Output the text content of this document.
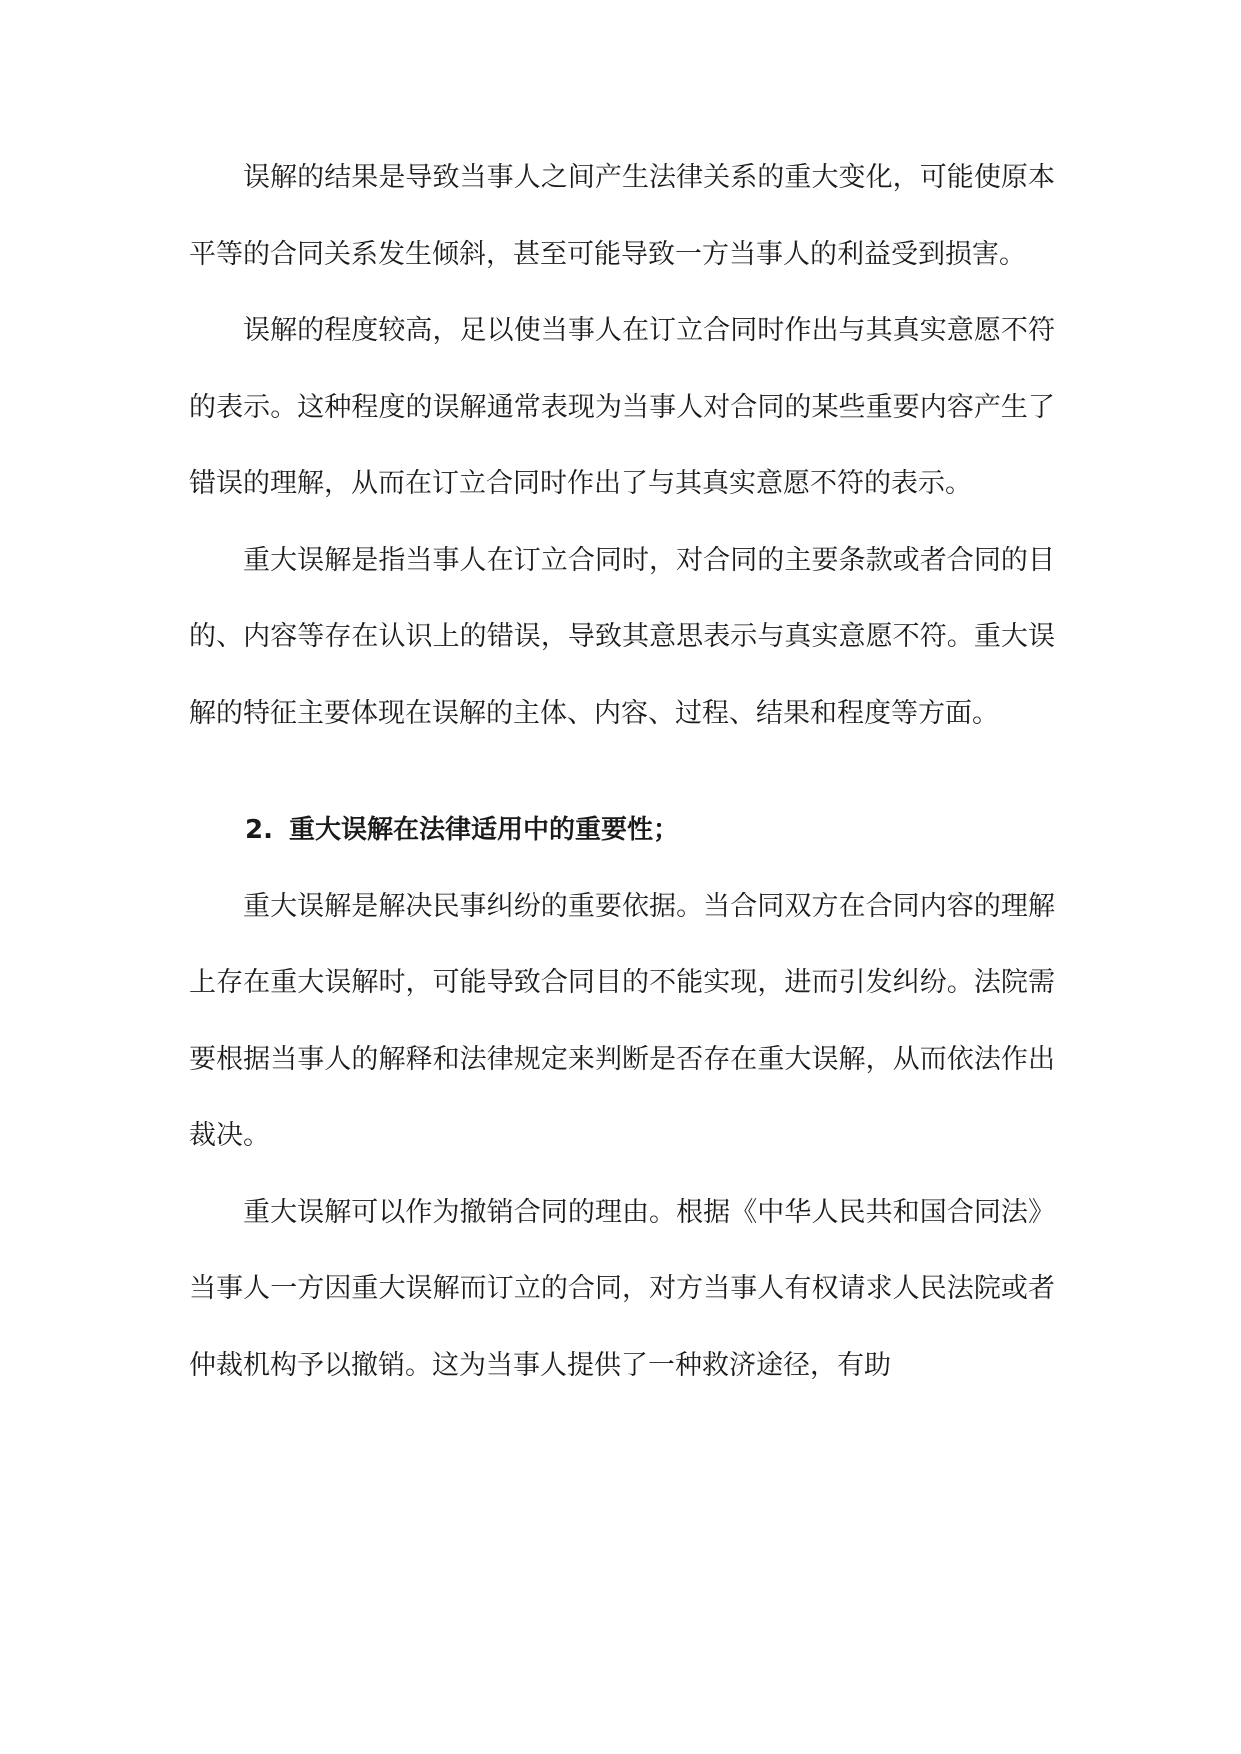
误解的结果是导致当事人之间产生法律关系的重大变化，可能使原本平等的合同关系发生倾斜，甚至可能导致一方当事人的利益受到损害。

误解的程度较高，足以使当事人在订立合同时作出与其真实意愿不符的表示。这种程度的误解通常表现为当事人对合同的某些重要内容产生了错误的理解，从而在订立合同时作出了与其真实意愿不符的表示。

重大误解是指当事人在订立合同时，对合同的主要条款或者合同的目的、内容等存在认识上的错误，导致其意思表示与真实意愿不符。重大误解的特征主要体现在误解的主体、内容、过程、结果和程度等方面。

2. 重大误解在法律适用中的重要性；

重大误解是解决民事纠纷的重要依据。当合同双方在合同内容的理解上存在重大误解时，可能导致合同目的不能实现，进而引发纠纷。法院需要根据当事人的解释和法律规定来判断是否存在重大误解，从而依法作出裁决。

重大误解可以作为撤销合同的理由。根据《中华人民共和国合同法》当事人一方因重大误解而订立的合同，对方当事人有权请求人民法院或者仲裁机构予以撤销。这为当事人提供了一种救济途径，有助
